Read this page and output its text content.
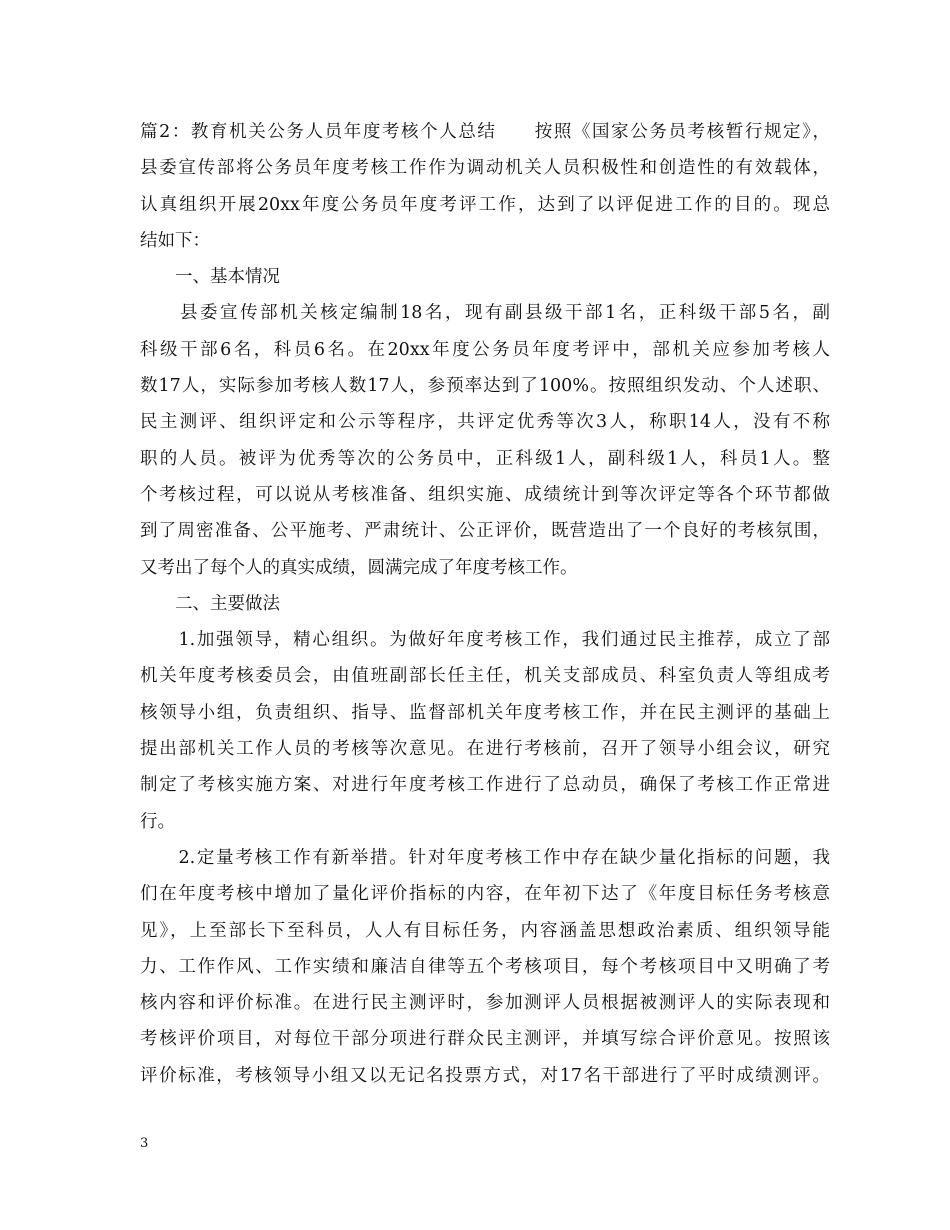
篇2：教育机关公务人员年度考核个人总结　　按照《国家公务员考核暂行规定》，
县委宣传部将公务员年度考核工作作为调动机关人员积极性和创造性的有效载体，
认真组织开展20xx年度公务员年度考评工作，达到了以评促进工作的目的。现总
结如下：
　　一、基本情况
　　县委宣传部机关核定编制18名，现有副县级干部1名，正科级干部5名，副
科级干部6名，科员6名。在20xx年度公务员年度考评中，部机关应参加考核人
数17人，实际参加考核人数17人，参预率达到了100%。按照组织发动、个人述职、
民主测评、组织评定和公示等程序，共评定优秀等次3人，称职14人，没有不称
职的人员。被评为优秀等次的公务员中，正科级1人，副科级1人，科员1人。整
个考核过程，可以说从考核准备、组织实施、成绩统计到等次评定等各个环节都做
到了周密准备、公平施考、严肃统计、公正评价，既营造出了一个良好的考核氛围，
又考出了每个人的真实成绩，圆满完成了年度考核工作。
　　二、主要做法
　　1.加强领导，精心组织。为做好年度考核工作，我们通过民主推荐，成立了部
机关年度考核委员会，由值班副部长任主任，机关支部成员、科室负责人等组成考
核领导小组，负责组织、指导、监督部机关年度考核工作，并在民主测评的基础上
提出部机关工作人员的考核等次意见。在进行考核前，召开了领导小组会议，研究
制定了考核实施方案、对进行年度考核工作进行了总动员，确保了考核工作正常进
行。
　　2.定量考核工作有新举措。针对年度考核工作中存在缺少量化指标的问题，我
们在年度考核中增加了量化评价指标的内容，在年初下达了《年度目标任务考核意
见》，上至部长下至科员，人人有目标任务，内容涵盖思想政治素质、组织领导能
力、工作作风、工作实绩和廉洁自律等五个考核项目，每个考核项目中又明确了考
核内容和评价标准。在进行民主测评时，参加测评人员根据被测评人的实际表现和
考核评价项目，对每位干部分项进行群众民主测评，并填写综合评价意见。按照该
评价标准，考核领导小组又以无记名投票方式，对17名干部进行了平时成绩测评。
3
